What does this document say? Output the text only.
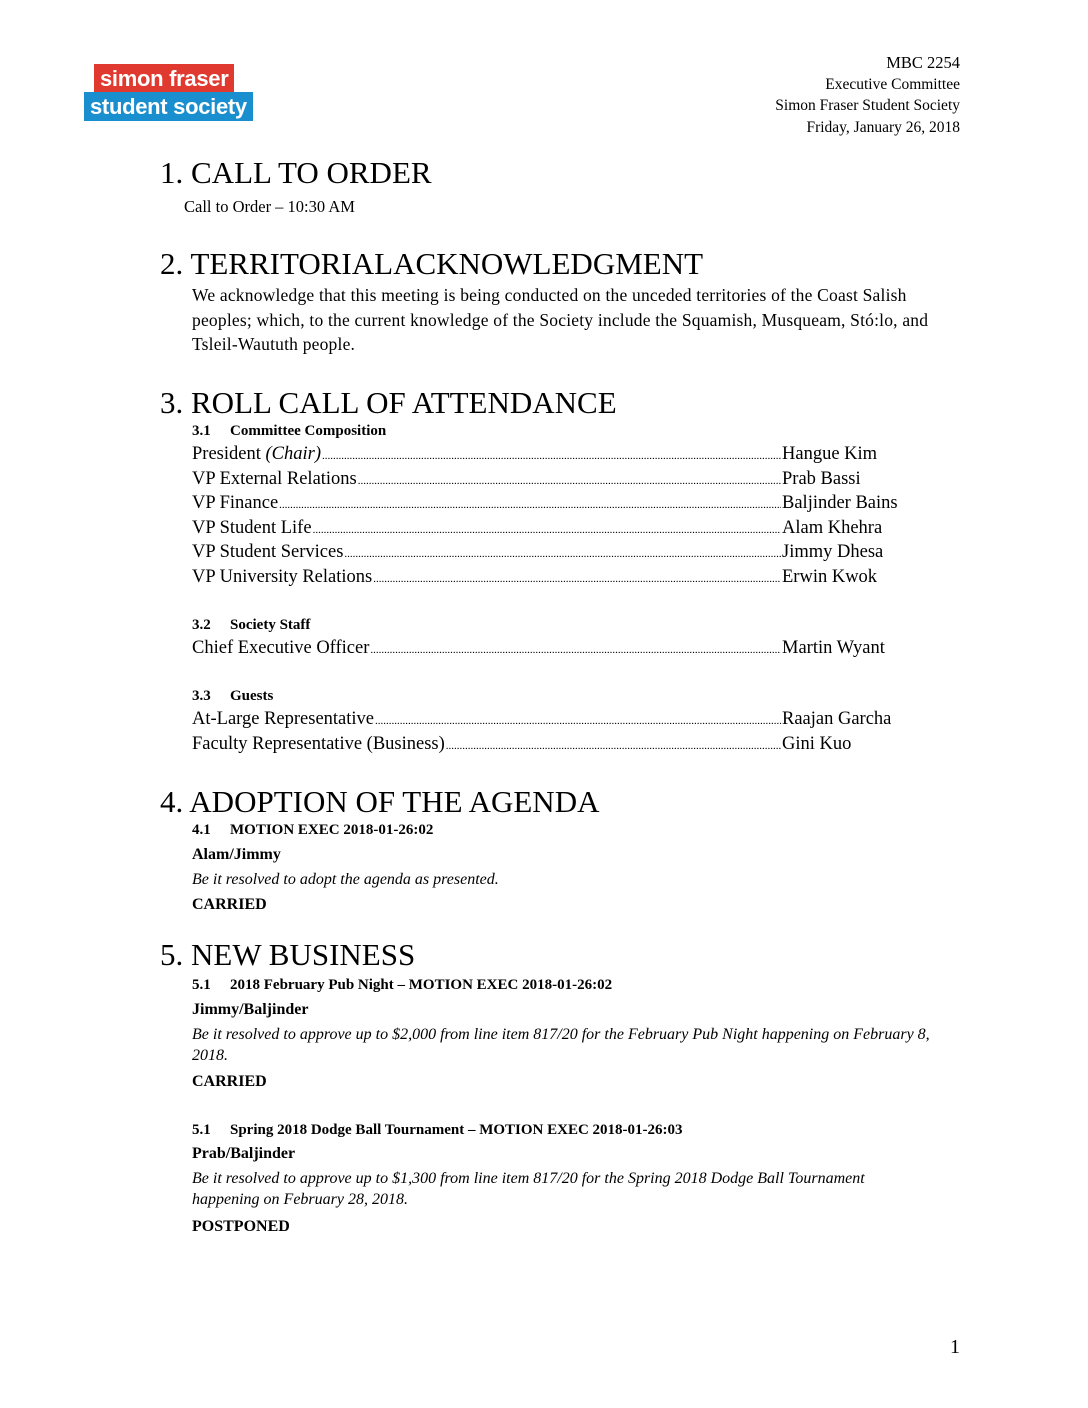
simon fraser
student society
MBC 2254
Executive Committee
Simon Fraser Student Society
Friday, January 26, 2018
1. CALL TO ORDER
Call to Order – 10:30 AM
2. TERRITORIALACKNOWLEDGMENT
We acknowledge that this meeting is being conducted on the unceded territories of the Coast Salish peoples; which, to the current knowledge of the Society include the Squamish, Musqueam, Stó:lo, and Tsleil-Waututh people.
3. ROLL CALL OF ATTENDANCE
3.1 Committee Composition
President (Chair) .....	Hangue Kim
VP External Relations .....	Prab Bassi
VP Finance .....	Baljinder Bains
VP Student Life .....	Alam Khehra
VP Student Services .....	Jimmy Dhesa
VP University Relations .....	Erwin Kwok
3.2 Society Staff
Chief Executive Officer .....	Martin Wyant
3.3 Guests
At-Large Representative .....	Raajan Garcha
Faculty Representative (Business) .....	Gini Kuo
4. ADOPTION OF THE AGENDA
4.1 MOTION EXEC 2018-01-26:02
Alam/Jimmy
Be it resolved to adopt the agenda as presented.
CARRIED
5. NEW BUSINESS
5.1 2018 February Pub Night – MOTION EXEC 2018-01-26:02
Jimmy/Baljinder
Be it resolved to approve up to $2,000 from line item 817/20 for the February Pub Night happening on February 8, 2018.
CARRIED
5.1 Spring 2018 Dodge Ball Tournament – MOTION EXEC 2018-01-26:03
Prab/Baljinder
Be it resolved to approve up to $1,300 from line item 817/20 for the Spring 2018 Dodge Ball Tournament happening on February 28, 2018.
POSTPONED
1
